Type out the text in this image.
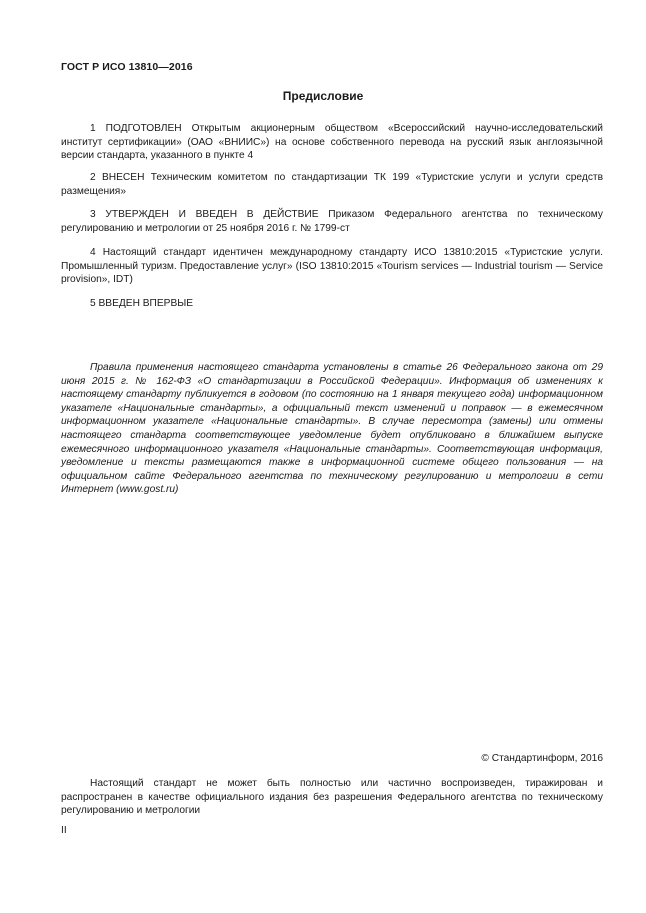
ГОСТ Р ИСО 13810—2016
Предисловие

1 ПОДГОТОВЛЕН Открытым акционерным обществом «Всероссийский научно-исследовательский институт сертификации» (ОАО «ВНИИС») на основе собственного перевода на русский язык англоязычной версии стандарта, указанного в пункте 4

2 ВНЕСЕН Техническим комитетом по стандартизации ТК 199 «Туристские услуги и услуги средств размещения»

3 УТВЕРЖДЕН И ВВЕДЕН В ДЕЙСТВИЕ Приказом Федерального агентства по техническому регулированию и метрологии от 25 ноября 2016 г. № 1799-ст

4 Настоящий стандарт идентичен международному стандарту ИСО 13810:2015 «Туристские услуги. Промышленный туризм. Предоставление услуг» (ISO 13810:2015 «Tourism services — Industrial tourism — Service provision», IDT)

5 ВВЕДЕН ВПЕРВЫЕ

Правила применения настоящего стандарта установлены в статье 26 Федерального закона от 29 июня 2015 г. № 162-ФЗ «О стандартизации в Российской Федерации». Информация об изменениях к настоящему стандарту публикуется в годовом (по состоянию на 1 января текущего года) информационном указателе «Национальные стандарты», а официальный текст изменений и поправок — в ежемесячном информационном указателе «Национальные стандарты». В случае пересмотра (замены) или отмены настоящего стандарта соответствующее уведомление будет опубликовано в ближайшем выпуске ежемесячного информационного указателя «Национальные стандарты». Соответствующая информация, уведомление и тексты размещаются также в информационной системе общего пользования — на официальном сайте Федерального агентства по техническому регулированию и метрологии в сети Интернет (www.gost.ru)

© Стандартинформ, 2016

Настоящий стандарт не может быть полностью или частично воспроизведен, тиражирован и распространен в качестве официального издания без разрешения Федерального агентства по техническому регулированию и метрологии

II
